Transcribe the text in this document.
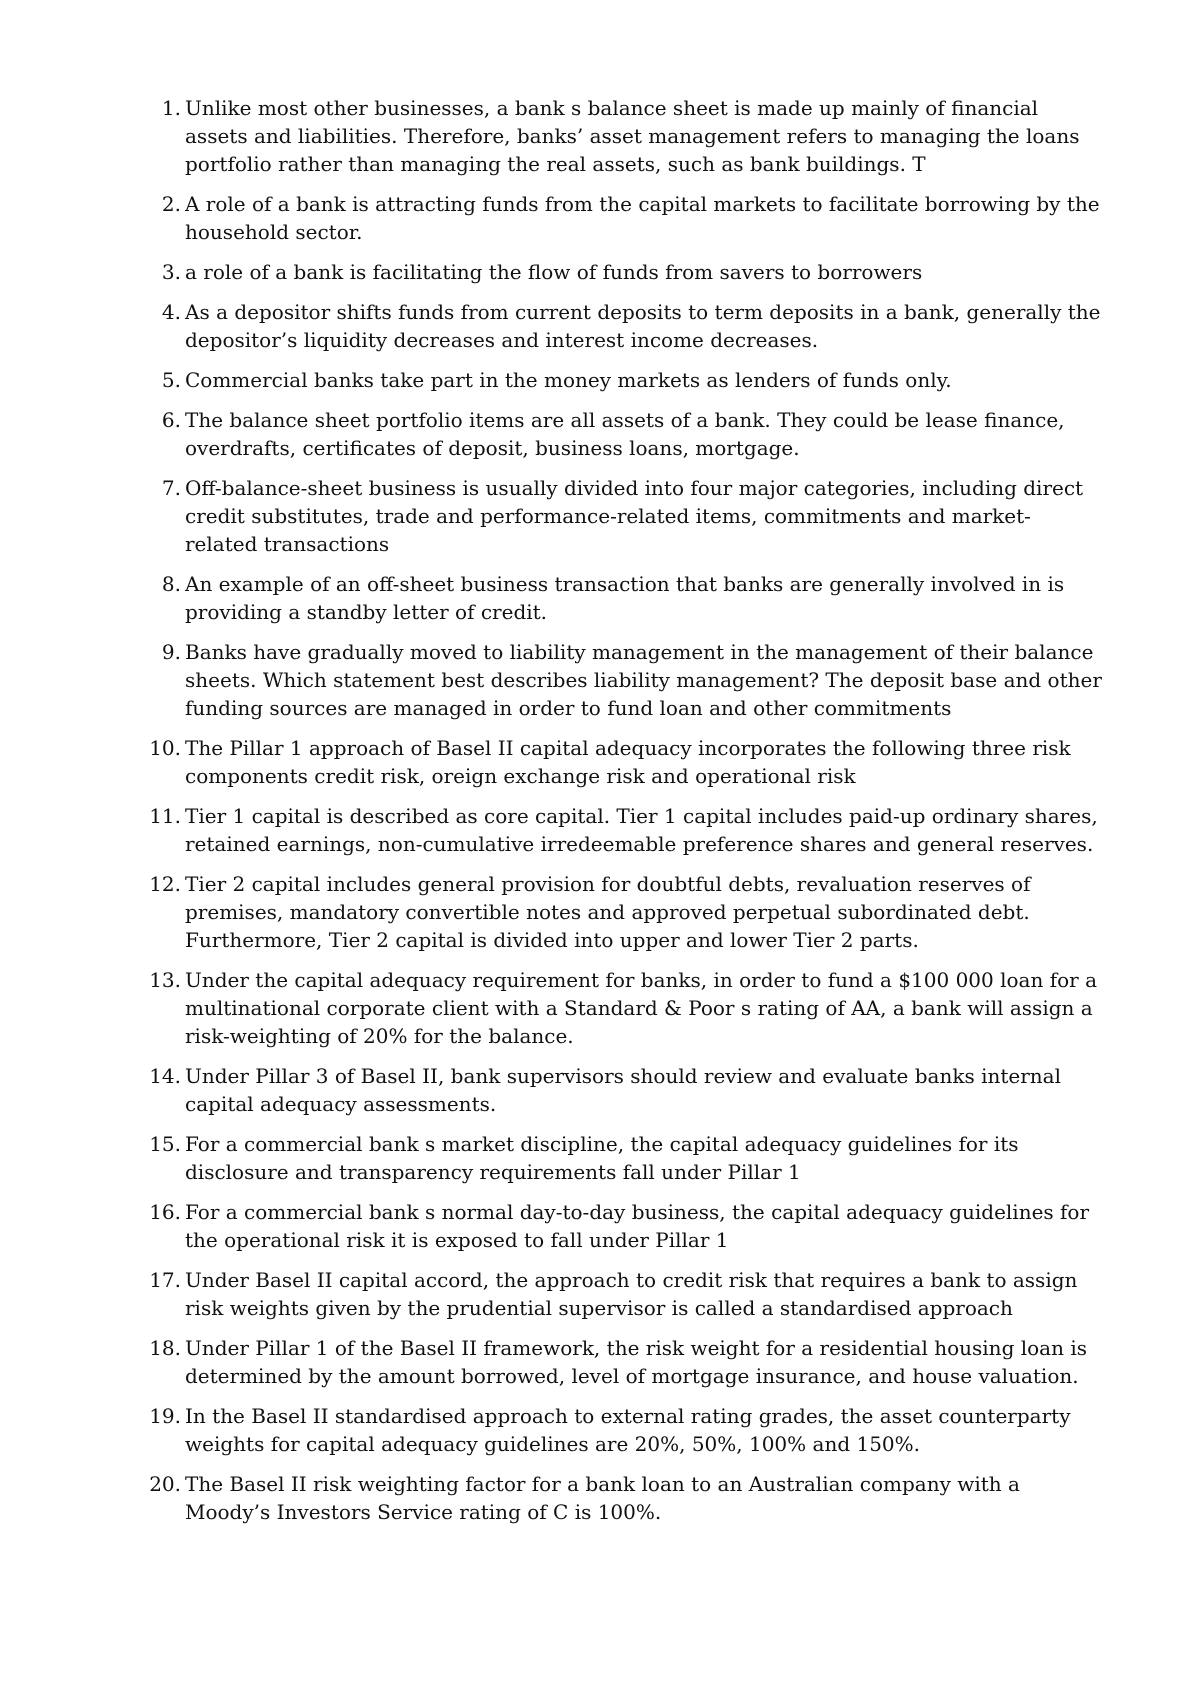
1. Unlike most other businesses, a bank s balance sheet is made up mainly of financial assets and liabilities. Therefore, banks’ asset management refers to managing the loans portfolio rather than managing the real assets, such as bank buildings. T
2. A role of a bank is attracting funds from the capital markets to facilitate borrowing by the household sector.
3. a role of a bank is facilitating the flow of funds from savers to borrowers
4. As a depositor shifts funds from current deposits to term deposits in a bank, generally the depositor’s liquidity decreases and interest income decreases.
5. Commercial banks take part in the money markets as lenders of funds only.
6. The balance sheet portfolio items are all assets of a bank. They could be lease finance, overdrafts, certificates of deposit, business loans, mortgage.
7. Off-balance-sheet business is usually divided into four major categories, including direct credit substitutes, trade and performance-related items, commitments and market-related transactions
8. An example of an off-sheet business transaction that banks are generally involved in is providing a standby letter of credit.
9. Banks have gradually moved to liability management in the management of their balance sheets. Which statement best describes liability management? The deposit base and other funding sources are managed in order to fund loan and other commitments
10. The Pillar 1 approach of Basel II capital adequacy incorporates the following three risk components credit risk, oreign exchange risk and operational risk
11. Tier 1 capital is described as core capital. Tier 1 capital includes paid-up ordinary shares, retained earnings, non-cumulative irredeemable preference shares and general reserves.
12. Tier 2 capital includes general provision for doubtful debts, revaluation reserves of premises, mandatory convertible notes and approved perpetual subordinated debt. Furthermore, Tier 2 capital is divided into upper and lower Tier 2 parts.
13. Under the capital adequacy requirement for banks, in order to fund a $100 000 loan for a multinational corporate client with a Standard & Poor s rating of AA, a bank will assign a risk-weighting of 20% for the balance.
14. Under Pillar 3 of Basel II, bank supervisors should review and evaluate banks internal capital adequacy assessments.
15. For a commercial bank s market discipline, the capital adequacy guidelines for its disclosure and transparency requirements fall under Pillar 1
16. For a commercial bank s normal day-to-day business, the capital adequacy guidelines for the operational risk it is exposed to fall under Pillar 1
17. Under Basel II capital accord, the approach to credit risk that requires a bank to assign risk weights given by the prudential supervisor is called a standardised approach
18. Under Pillar 1 of the Basel II framework, the risk weight for a residential housing loan is determined by the amount borrowed, level of mortgage insurance, and house valuation.
19. In the Basel II standardised approach to external rating grades, the asset counterparty weights for capital adequacy guidelines are 20%, 50%, 100% and 150%.
20. The Basel II risk weighting factor for a bank loan to an Australian company with a Moody’s Investors Service rating of C is 100%.
